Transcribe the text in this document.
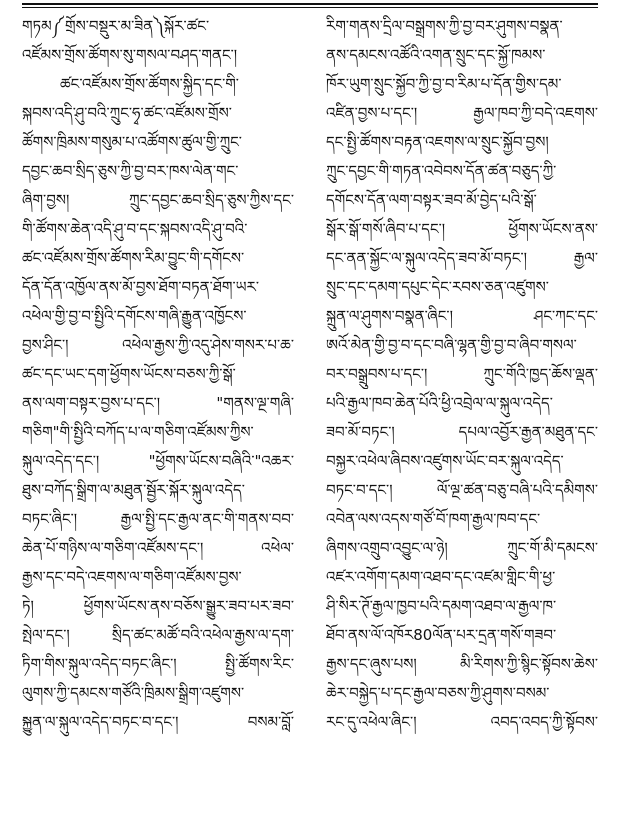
གཏམ༼གྲོས་བསྡུར་མ་ཟིན༽སྐོར་ཚང་
འཛོམས་གྲོས་ཚོགས་སུ་གསལ་བཤད་གནང་།
ཚང་འཛོམས་གྲོས་ཚོགས་སྐྱིད་དང་གི་
སྐབས་འདི་ཤུ་བའི་ཀྲུང་ཧྭ་ཚང་འཛོམས་གྲོས་
ཚོགས་ཁྲིམས་གསུམ་པ་འཚོགས་ཚུལ་གྱི་ཀྲུང་
དབྱང་ཆབ་སྲིད་ཅུས་ཀྱི་བྱ་བར་ཁས་ལེན་གང་
ཞིག་བྱས། ཀྲུང་དབྱང་ཆབ་སྲིད་ཅུས་ཀྱིས་དང་
གི་ཚོགས་ཆེན་འདི་ཤུ་བ་དང་སྐབས་འདི་ཤུ་བའི་
ཚང་འཛོམས་གྲོས་ཚོགས་རིམ་བྱུང་གི་དགོངས་
དོན་དོན་འཁྱོལ་ནས་མོ་བྱས་ཐོག་བཏན་ཐོག་ཡར་
འཕེལ་གྱི་བྱ་བ་སྤྱིའི་དགོངས་གཞི་རྒྱུན་འཁྱོངས་
བྱས་ཤིང་། འཕེལ་རྒྱས་ཀྱི་འདུ་ཤེས་གསར་པ་ཆ་
ཚང་དང་ཡང་དག་ཕྱོགས་ཡོངས་བཅས་ཀྱི་སྒོ་
ནས་ལག་བསྟར་བྱས་པ་དང་། "གནས་ལྔ་གཞི་
གཅིག"གི་སྤྱིའི་བཀོད་པ་ལ་གཅིག་འཛོམས་ཀྱིས་
སྐུལ་འདེད་དང་། "ཕྱོགས་ཡོངས་བཞིའི་"འཆར་
ཐུས་བཀོད་སྒྲིག་ལ་མཐུན་སྦྱོར་སྐོར་སྐུལ་འདེད་
བཏང་ཞིང་། རྒྱལ་སྤྱི་དང་རྒྱལ་ནང་གི་གནས་བབ་
ཆེན་པོ་གཉིས་ལ་གཅིག་འཛོམས་དང་། འཕེལ་
རྒྱས་དང་བདེ་འཇགས་ལ་གཅིག་འཛོམས་བྱས་
ཏེ། ཕྱོགས་ཡོངས་ནས་བཅོས་སྒྱུར་ཟབ་པར་ཟབ་
སྤེལ་དང་། སྲིད་ཚང་མཚོ་བའི་འཕེལ་རྒྱས་ལ་དག་
ཏིག་གིས་སྐུལ་འདེད་བཏང་ཞིང་། སྤྱི་ཚོགས་རིང་
ལུགས་ཀྱི་དམངས་གཙོའི་ཁྲིམས་སྒྲིག་འཛུགས་
སྐྱུན་ལ་སྐུལ་འདེད་བཏང་བ་དང་། བསམ་བློ་
རིག་གནས་དྲིལ་བསྒྲགས་ཀྱི་བྱ་བར་ཤུགས་བསྣན་
ནས་དམངས་འཚོའི་འགན་སྲུང་དང་སྐྱོ་ཁམས་
ཁོར་ཡུག་སྲུང་སྐྱོབ་ཀྱི་བྱ་བ་རིམ་པ་དོན་གྱིས་དམ་
འཛིན་བྱས་པ་དང་། རྒྱལ་ཁབ་ཀྱི་བདེ་འཇགས་
དང་སྤྱི་ཚོགས་བརྟན་འཇགས་ལ་སྲུང་སྐྱོབ་བྱས།
ཀྲུང་དབྱང་གི་གཏན་འབེབས་དོན་ཚན་བཅུད་ཀྱི་
དགོངས་དོན་ལག་བསྟར་ཟབ་མོ་བྱེད་པའི་སྒོ་
སྒོར་སྒོ་གསོ་ཞིབ་པ་དང་། ཕྱོགས་ཡོངས་ནས་
དང་ནན་སྐྱོང་ལ་སྐུལ་འདེད་ཟབ་མོ་བཏང་། རྒྱལ་
སྲུང་དང་དམག་དཔུང་དེང་རབས་ཅན་འཛུགས་
སྐྲུན་ལ་ཤུགས་བསྣན་ཞིང་། ཤང་ཀང་དང་
ཨའོ་མེན་གྱི་བྱ་བ་དང་བཞི་ལྷན་གྱི་བྱ་བ་ཞིབ་གསལ་
བར་བསྒྲུབས་པ་དང་། ཀྲུང་གོའི་ཁྱད་ཆོས་ལྡན་
པའི་རྒྱལ་ཁབ་ཆེན་པོའི་ཕྱི་འབྲེལ་ལ་སྐུལ་འདེད་
ཟབ་མོ་བཏང་། དཔལ་འབྱོར་རྒྱན་མཐུན་དང་
བསྐྱར་འཕེལ་ཞིབས་འཛུགས་ཡོང་བར་སྐུལ་འདེད་
བཏང་བ་དང་། ལོ་ལྔ་ཚན་བཅུ་བཞི་པའི་དམིགས་
འབེན་ལས་འདས་གཙོ་བོ་ཁག་རྒྱལ་ཁབ་དང་
ཞིགས་འགྲུབ་འབྱུང་ལ་ཉེ། ཀྲུང་གོ་མི་དམངས་
འཛར་འགོག་དམག་འཐབ་དང་འཛམ་གླིང་གི་ཕྱ་
ཤི་སིར་ཊོ་རྒྱལ་ཁྱབ་པའི་དམག་འཐབ་ལ་རྒྱལ་ཁ་
ཐོབ་ནས་ལོ་འཁོར80ལོན་པར་དྲན་གསོ་གཟབ་
རྒྱས་དང་ཞུས་པས། མི་རིགས་ཀྱི་སྙིང་སྟོབས་ཆེས་
ཆེར་བསྐྱེད་པ་དང་རྒྱལ་བཅས་ཀྱི་ཤུགས་བསམ་
རང་དུ་འཕེལ་ཞིང་། འབད་འབད་ཀྱི་སྟོབས་
